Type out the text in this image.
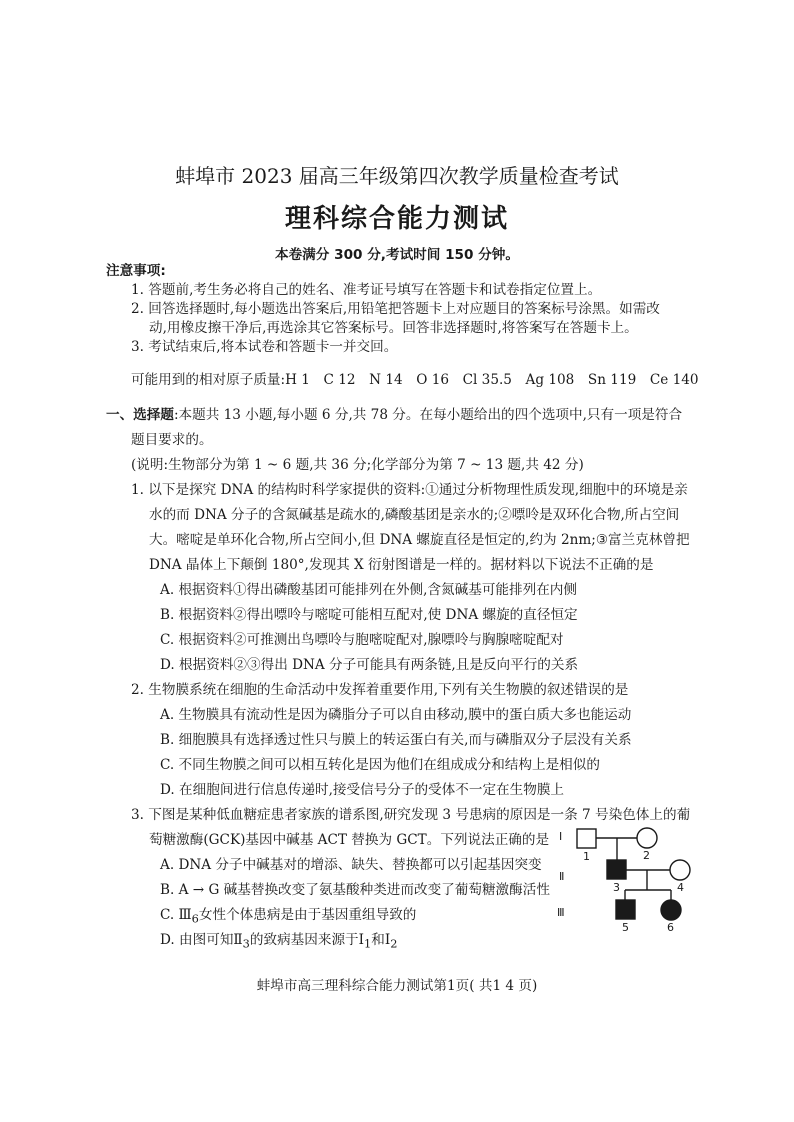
蚌埠市 2023 届高三年级第四次教学质量检查考试
理科综合能力测试
本卷满分 300 分,考试时间 150 分钟。
注意事项:
1. 答题前,考生务必将自己的姓名、准考证号填写在答题卡和试卷指定位置上。
2. 回答选择题时,每小题选出答案后,用铅笔把答题卡上对应题目的答案标号涂黑。如需改
动,用橡皮擦干净后,再选涂其它答案标号。回答非选择题时,将答案写在答题卡上。
3. 考试结束后,将本试卷和答题卡一并交回。
可能用到的相对原子质量:H 1　C 12　N 14　O 16　Cl 35.5　Ag 108　Sn 119　Ce 140
一、选择题:本题共 13 小题,每小题 6 分,共 78 分。在每小题给出的四个选项中,只有一项是符合
题目要求的。
(说明:生物部分为第 1 ~ 6 题,共 36 分;化学部分为第 7 ~ 13 题,共 42 分)
1. 以下是探究 DNA 的结构时科学家提供的资料:①通过分析物理性质发现,细胞中的环境是亲
水的而 DNA 分子的含氮碱基是疏水的,磷酸基团是亲水的;②嘌呤是双环化合物,所占空间
大。嘧啶是单环化合物,所占空间小,但 DNA 螺旋直径是恒定的,约为 2nm;③富兰克林曾把
DNA 晶体上下颠倒 180°,发现其 X 衍射图谱是一样的。据材料以下说法不正确的是
A. 根据资料①得出磷酸基团可能排列在外侧,含氮碱基可能排列在内侧
B. 根据资料②得出嘌呤与嘧啶可能相互配对,使 DNA 螺旋的直径恒定
C. 根据资料②可推测出鸟嘌呤与胞嘧啶配对,腺嘌呤与胸腺嘧啶配对
D. 根据资料②③得出 DNA 分子可能具有两条链,且是反向平行的关系
2. 生物膜系统在细胞的生命活动中发挥着重要作用,下列有关生物膜的叙述错误的是
A. 生物膜具有流动性是因为磷脂分子可以自由移动,膜中的蛋白质大多也能运动
B. 细胞膜具有选择透过性只与膜上的转运蛋白有关,而与磷脂双分子层没有关系
C. 不同生物膜之间可以相互转化是因为他们在组成成分和结构上是相似的
D. 在细胞间进行信息传递时,接受信号分子的受体不一定在生物膜上
3. 下图是某种低血糖症患者家族的谱系图,研究发现 3 号患病的原因是一条 7 号染色体上的葡
萄糖激酶(GCK)基因中碱基 ACT 替换为 GCT。下列说法正确的是
A. DNA 分子中碱基对的增添、缺失、替换都可以引起基因突变
B. A → G 碱基替换改变了氨基酸种类进而改变了葡萄糖激酶活性
C. $Ⅲ_6$女性个体患病是由于基因重组导致的
D. 由图可知$Ⅱ_3$的致病基因来源于$Ⅰ_1$和$Ⅰ_2$
Ⅰ
Ⅱ
Ⅲ
1	2
3	4
5	6
蚌埠市高三理科综合能力测试第1页( 共1 4 页)
